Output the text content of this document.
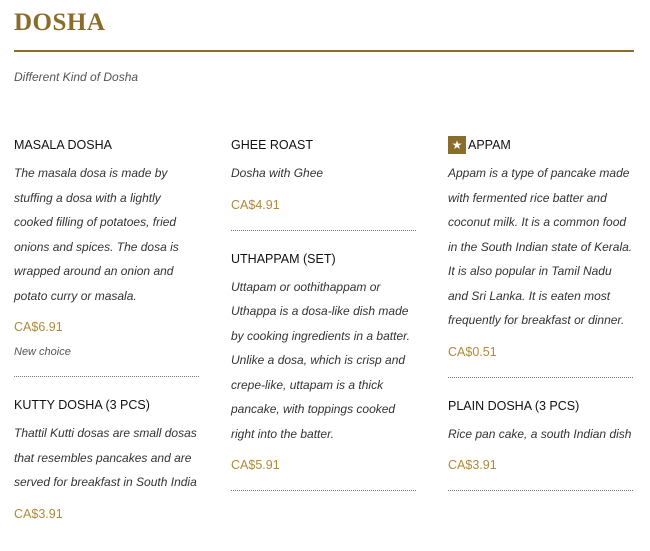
DOSHA
Different Kind of Dosha
MASALA DOSHA
The masala dosa is made by stuffing a dosa with a lightly cooked filling of potatoes, fried onions and spices. The dosa is wrapped around an onion and potato curry or masala.
CA$6.91
New choice
KUTTY DOSHA (3 PCS)
Thattil Kutti dosas are small dosas that resembles pancakes and are served for breakfast in South India
CA$3.91
GHEE ROAST
Dosha with Ghee
CA$4.91
UTHAPPAM (SET)
Uttapam or oothithappam or Uthappa is a dosa-like dish made by cooking ingredients in a batter. Unlike a dosa, which is crisp and crepe-like, uttapam is a thick pancake, with toppings cooked right into the batter.
CA$5.91
★ APPAM
Appam is a type of pancake made with fermented rice batter and coconut milk. It is a common food in the South Indian state of Kerala. It is also popular in Tamil Nadu and Sri Lanka. It is eaten most frequently for breakfast or dinner.
CA$0.51
PLAIN DOSHA (3 PCS)
Rice pan cake, a south Indian dish
CA$3.91
